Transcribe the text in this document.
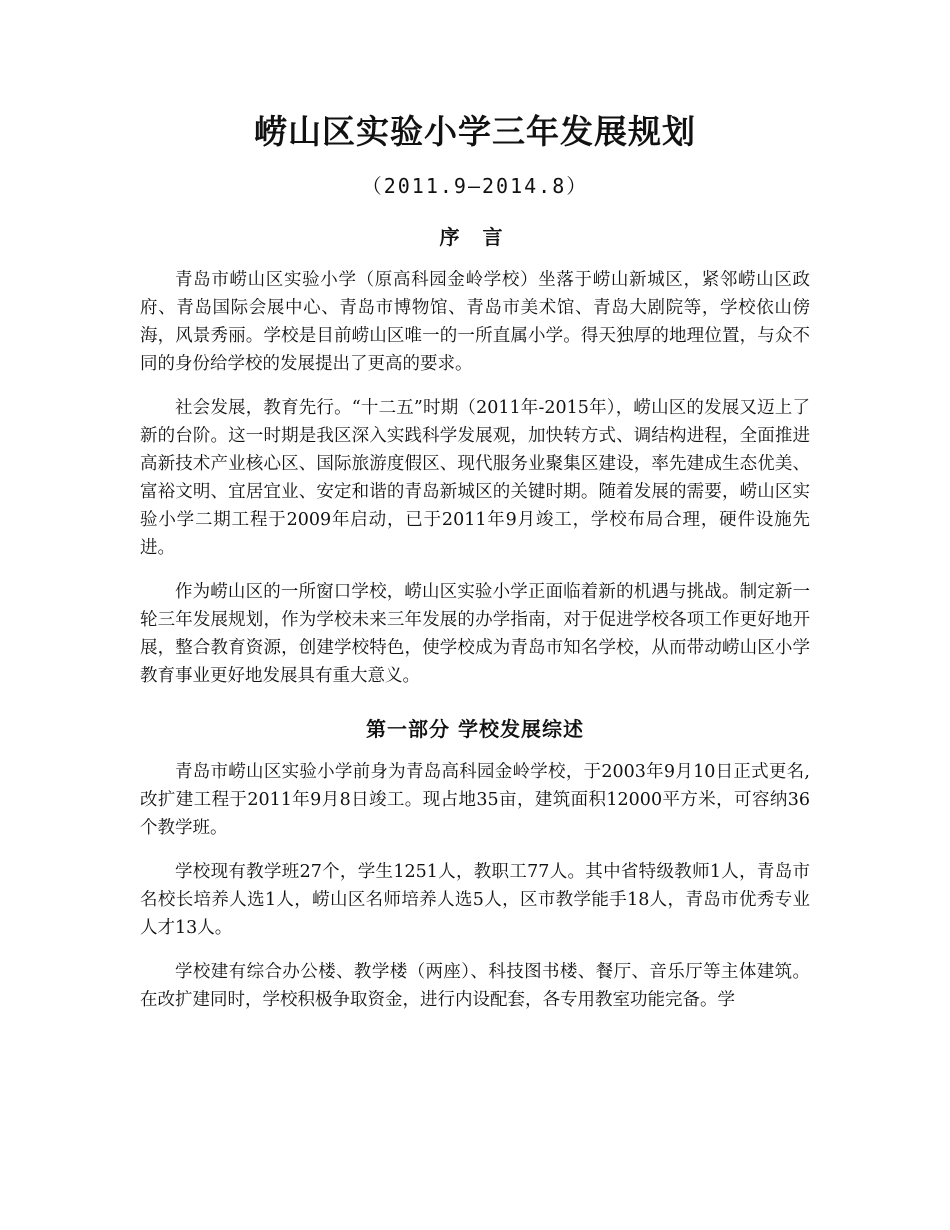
崂山区实验小学三年发展规划
（2011.9—2014.8）
序 言

青岛市崂山区实验小学（原高科园金岭学校）坐落于崂山新城区，紧邻崂山区政府、青岛国际会展中心、青岛市博物馆、青岛市美术馆、青岛大剧院等，学校依山傍海，风景秀丽。学校是目前崂山区唯一的一所直属小学。得天独厚的地理位置，与众不同的身份给学校的发展提出了更高的要求。

社会发展，教育先行。“十二五”时期（2011年-2015年），崂山区的发展又迈上了新的台阶。这一时期是我区深入实践科学发展观，加快转方式、调结构进程，全面推进高新技术产业核心区、国际旅游度假区、现代服务业聚集区建设，率先建成生态优美、富裕文明、宜居宜业、安定和谐的青岛新城区的关键时期。随着发展的需要，崂山区实验小学二期工程于2009年启动，已于2011年9月竣工，学校布局合理，硬件设施先进。

作为崂山区的一所窗口学校，崂山区实验小学正面临着新的机遇与挑战。制定新一轮三年发展规划，作为学校未来三年发展的办学指南，对于促进学校各项工作更好地开展，整合教育资源，创建学校特色，使学校成为青岛市知名学校，从而带动崂山区小学教育事业更好地发展具有重大意义。

第一部分 学校发展综述

青岛市崂山区实验小学前身为青岛高科园金岭学校，于2003年9月10日正式更名,改扩建工程于2011年9月8日竣工。现占地35亩，建筑面积12000平方米，可容纳36个教学班。

学校现有教学班27个，学生1251人，教职工77人。其中省特级教师1人，青岛市名校长培养人选1人，崂山区名师培养人选5人，区市教学能手18人，青岛市优秀专业人才13人。

学校建有综合办公楼、教学楼（两座）、科技图书楼、餐厅、音乐厅等主体建筑。在改扩建同时，学校积极争取资金，进行内设配套，各专用教室功能完备。学
